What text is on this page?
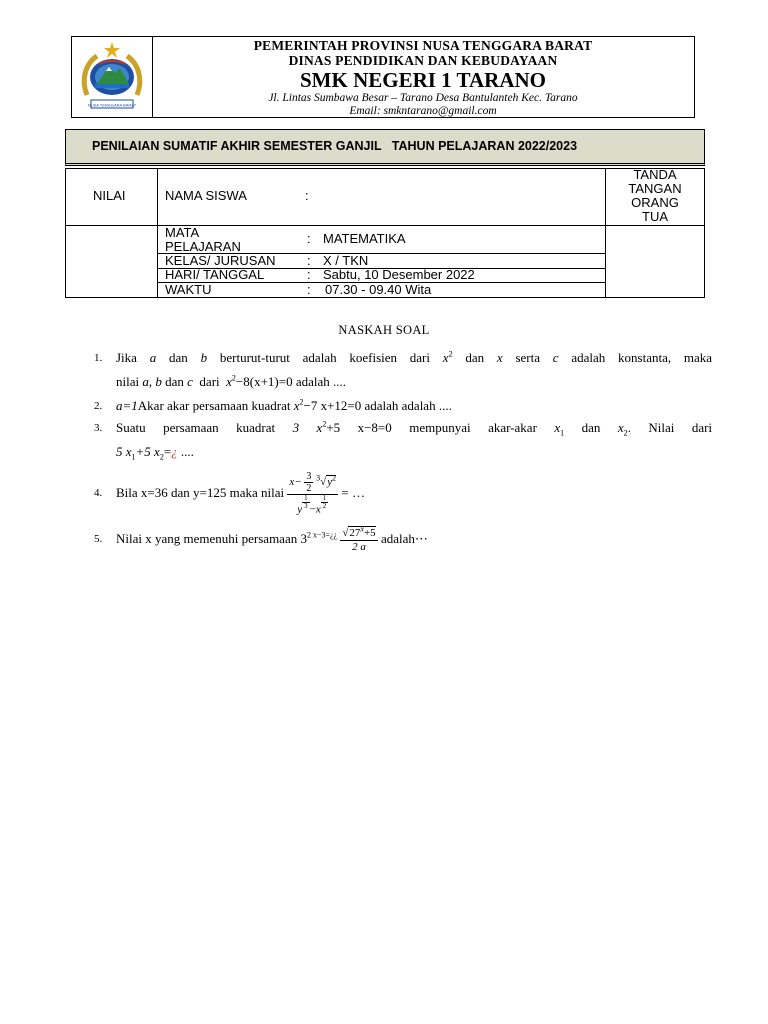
NUSA TENGGARA BARAT
PEMERINTAH PROVINSI NUSA TENGGARA BARAT
DINAS PENDIDIKAN DAN KEBUDAYAAN
SMK NEGERI 1 TARANO
Jl. Lintas Sumbawa Besar – Tarano Desa Bantulanteh Kec. Tarano
Email: smkntarano@gmail.com
PENILAIAN SUMATIF AKHIR SEMESTER GANJIL   TAHUN PELAJARAN 2022/2023
NILAI	NAMA SISWA	:
TANDA
TANGAN
ORANG
TUA
MATA
PELAJARAN
: MATEMATIKA
KELAS/ JURUSAN : X / TKN
HARI/ TANGGAL	: Sabtu, 10 Desember 2022
WAKTU	: 07.30 - 09.40 Wita
NASKAH SOAL
1. Jika a dan b berturut-turut adalah koefisien dari $x^2$ dan x serta c adalah konstanta, maka
nilai a, b dan c dari $x^2-8(x+1)=0$ adalah ....
2. a=1Akar akar persamaan kuadrat $x^2-7$ x+12=0 adalah adalah ....
3. Suatu persamaan kuadrat 3 $x^2+5$ x−8=0 mempunyai akar-akar $x_1$ dan $x_2$. Nilai dari
5 $x_1+5$ $x_2=¿$ ....
4. Bila x=36 dan y=125 maka nilai $\frac{x- \frac{3}{2} ^3√y^2}{y \frac{1}{3} -x \frac{1}{2}}$ = …
5. Nilai x yang memenuhi persamaan $3^{2 x-3=¿¿} \frac{√27^x+5}{2 a}$ adalah⋯
